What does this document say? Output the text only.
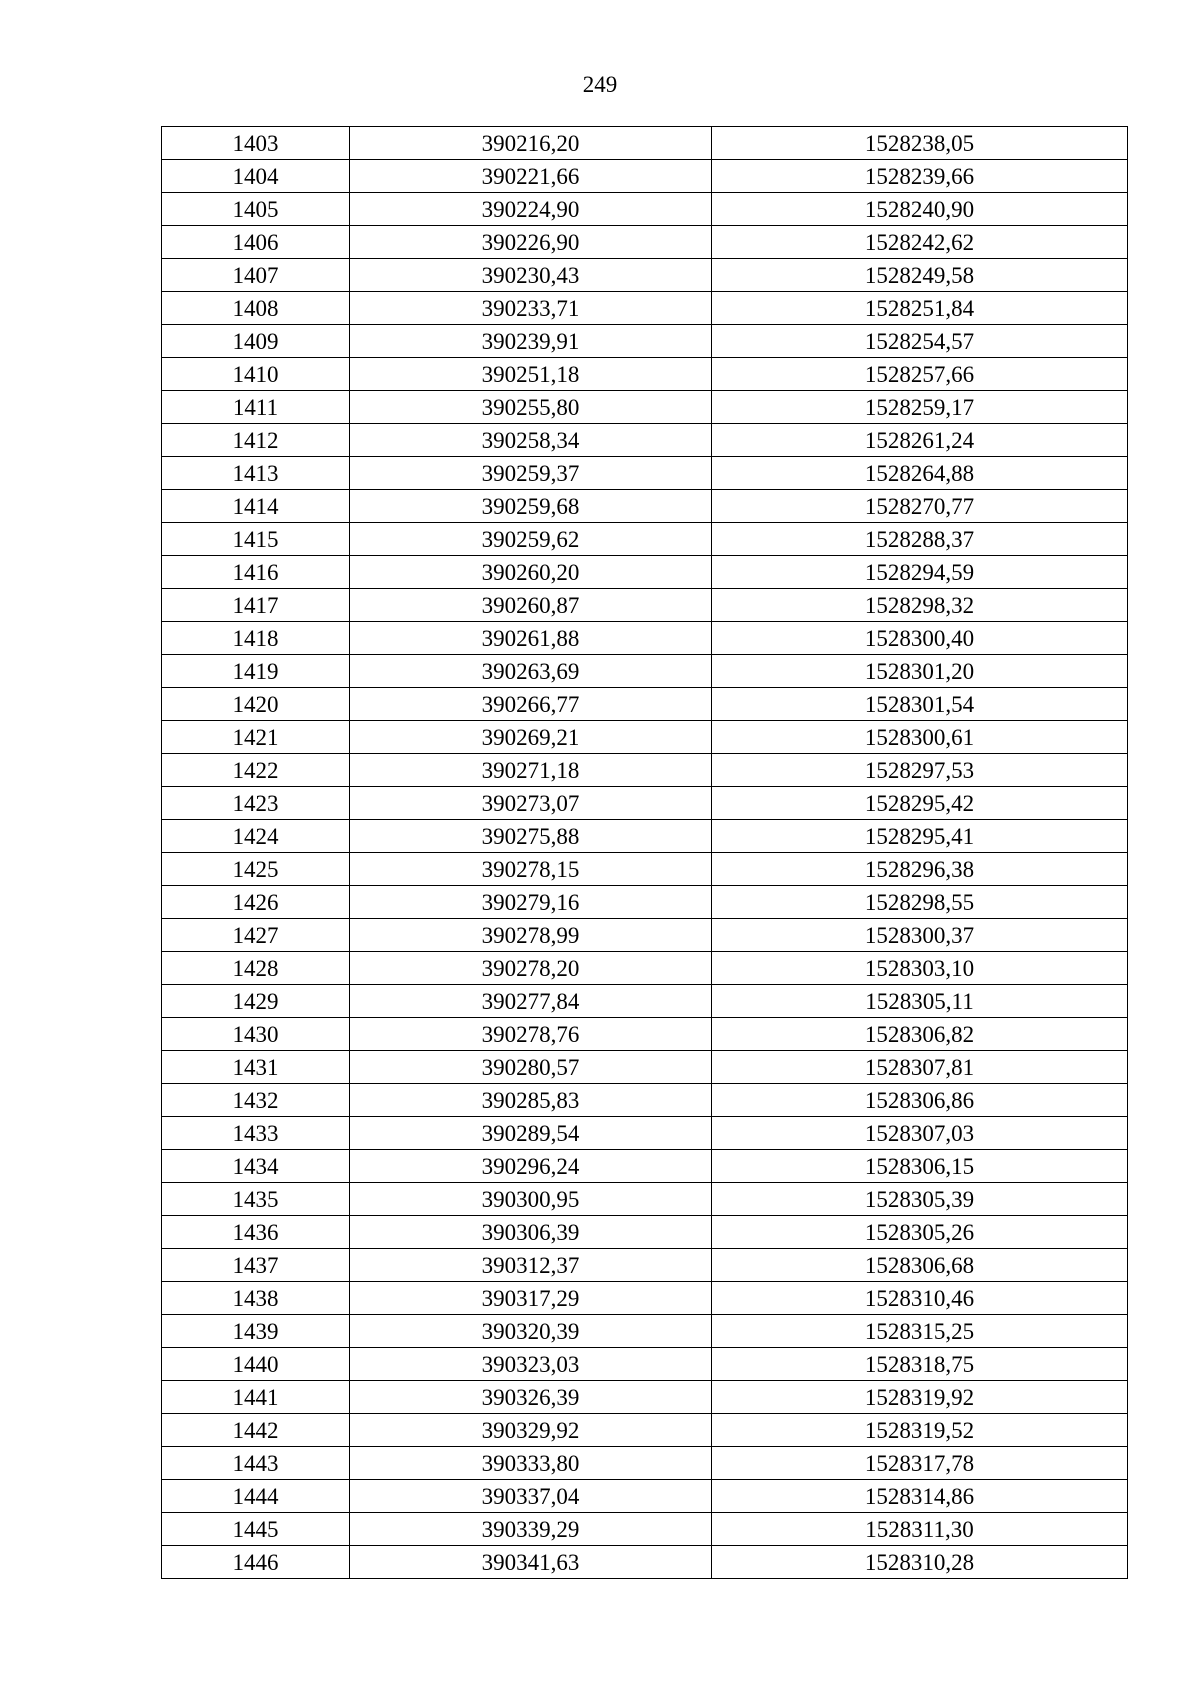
249
1403	390216,20	1528238,05
1404	390221,66	1528239,66
1405	390224,90	1528240,90
1406	390226,90	1528242,62
1407	390230,43	1528249,58
1408	390233,71	1528251,84
1409	390239,91	1528254,57
1410	390251,18	1528257,66
1411	390255,80	1528259,17
1412	390258,34	1528261,24
1413	390259,37	1528264,88
1414	390259,68	1528270,77
1415	390259,62	1528288,37
1416	390260,20	1528294,59
1417	390260,87	1528298,32
1418	390261,88	1528300,40
1419	390263,69	1528301,20
1420	390266,77	1528301,54
1421	390269,21	1528300,61
1422	390271,18	1528297,53
1423	390273,07	1528295,42
1424	390275,88	1528295,41
1425	390278,15	1528296,38
1426	390279,16	1528298,55
1427	390278,99	1528300,37
1428	390278,20	1528303,10
1429	390277,84	1528305,11
1430	390278,76	1528306,82
1431	390280,57	1528307,81
1432	390285,83	1528306,86
1433	390289,54	1528307,03
1434	390296,24	1528306,15
1435	390300,95	1528305,39
1436	390306,39	1528305,26
1437	390312,37	1528306,68
1438	390317,29	1528310,46
1439	390320,39	1528315,25
1440	390323,03	1528318,75
1441	390326,39	1528319,92
1442	390329,92	1528319,52
1443	390333,80	1528317,78
1444	390337,04	1528314,86
1445	390339,29	1528311,30
1446	390341,63	1528310,28
